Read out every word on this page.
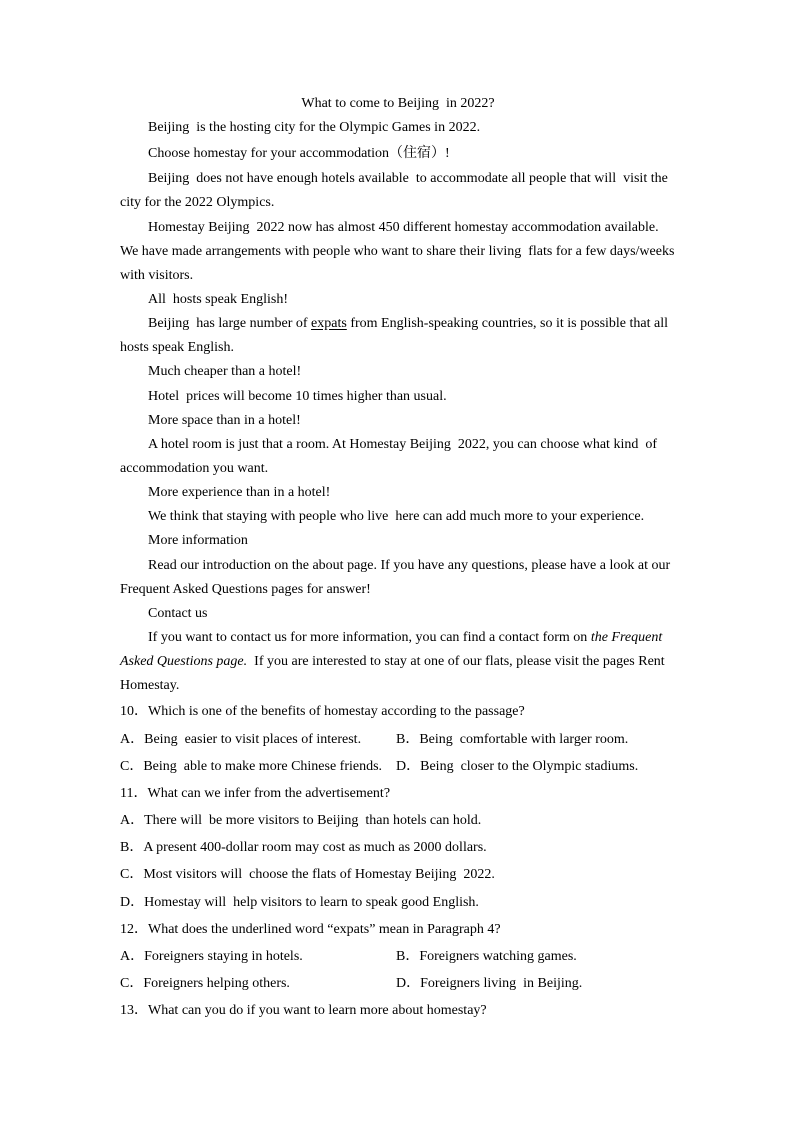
What to come to Beijing  in 2022?
Beijing  is the hosting city for the Olympic Games in 2022.
Choose homestay for your accommodation（住宿）!
Beijing  does not have enough hotels available  to accommodate all people that will  visit the
city for the 2022 Olympics.
Homestay Beijing  2022 now has almost 450 different homestay accommodation available.
We have made arrangements with people who want to share their living  flats for a few days/weeks
with visitors.
All  hosts speak English!
Beijing  has large number of expats from English-speaking countries, so it is possible that all
hosts speak English.
Much cheaper than a hotel!
Hotel  prices will become 10 times higher than usual.
More space than in a hotel!
A hotel room is just that a room. At Homestay Beijing  2022, you can choose what kind  of
accommodation you want.
More experience than in a hotel!
We think that staying with people who live  here can add much more to your experience.
More information
Read our introduction on the about page. If you have any questions, please have a look at our
Frequent Asked Questions pages for answer!
Contact us
If you want to contact us for more information, you can find a contact form on the Frequent
Asked Questions page.  If you are interested to stay at one of our flats, please visit the pages Rent
Homestay.
10．Which is one of the benefits of homestay according to the passage?
A．Being  easier to visit places of interest. B．Being  comfortable with larger room.
C．Being  able to make more Chinese friends. D．Being  closer to the Olympic stadiums.
11．What can we infer from the advertisement?
A．There will  be more visitors to Beijing  than hotels can hold.
B．A present 400-dollar room may cost as much as 2000 dollars.
C．Most visitors will  choose the flats of Homestay Beijing  2022.
D．Homestay will  help visitors to learn to speak good English.
12．What does the underlined word “expats” mean in Paragraph 4?
A．Foreigners staying in hotels.	B．Foreigners watching games.
C．Foreigners helping others.	D．Foreigners living  in Beijing.
13．What can you do if you want to learn more about homestay?
